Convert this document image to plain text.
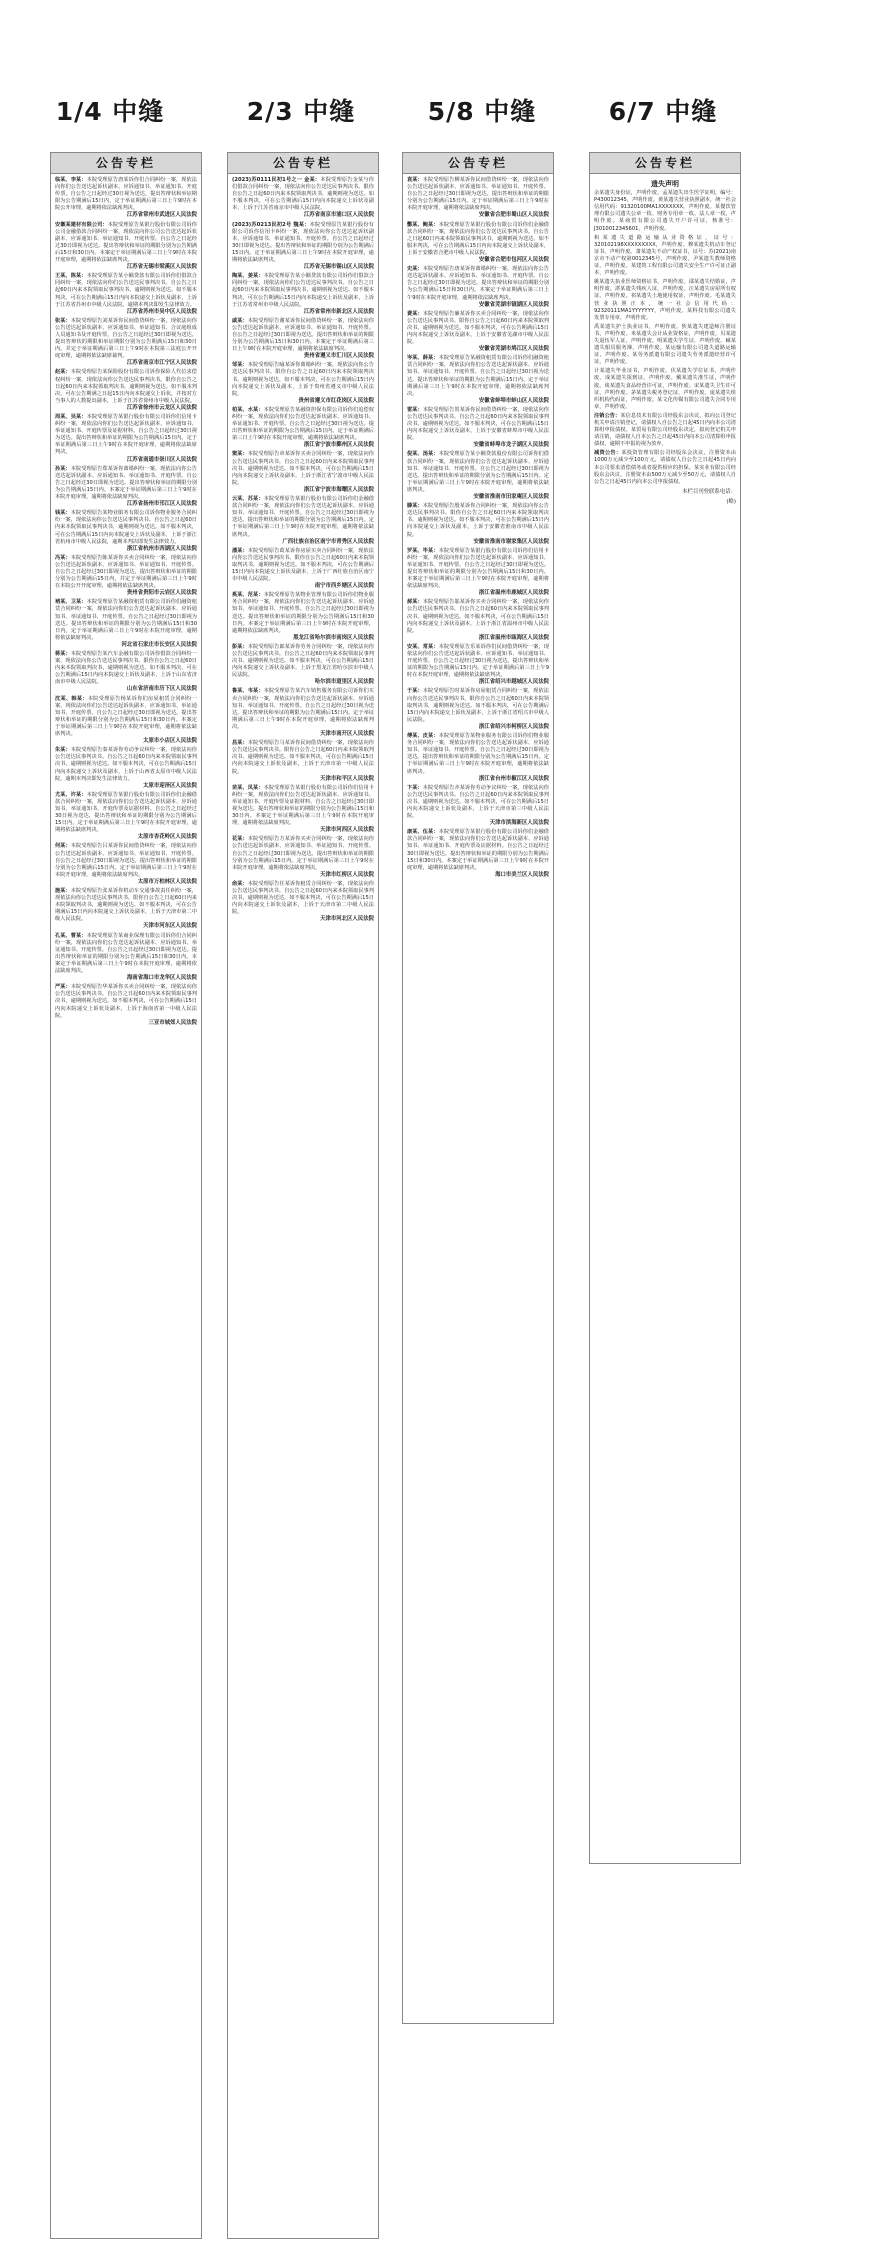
1/4 中缝	2/3 中缝	5/8 中缝	6/7 中缝
公告专栏
临某、李某：本院受理原告唐某诉你们合同纠纷一案，现依法向你们公告送达起诉状副本、应诉通知书、举证通知书、开庭传票，自公告之日起经过30日视为送达，提出答辩状和举证期限为公告期满后15日内，定于举证期满后第三日上午9时在本院公开审理，逾期将依法缺席判决。
江苏省常州市武进区人民法院
安徽某建材有限公司：本院受理原告某银行股份有限公司诉你公司金融借款合同纠纷一案，现依法向你公司公告送达起诉状副本、应诉通知书、举证通知书、开庭传票。自公告之日起经过30日即视为送达。提出答辩状和举证的期限分别为公告期满后15日和30日内。本案定于举证期满后第三日上午9时在本院开庭审理，逾期将依法缺席判决。
江苏省无锡市梁溪区人民法院
王某、陈某：本院受理原告某小额贷款有限公司诉你们借款合同纠纷一案，现依法向你们公告送达民事判决书。自公告之日起60日内来本院领取民事判决书，逾期则视为送达。如不服本判决，可在公告期满后15日内向本院递交上诉状及副本，上诉于江苏省苏州市中级人民法院。逾期本判决即发生法律效力。
江苏省苏州市吴中区人民法院
张某：本院受理原告刘某诉你民间借贷纠纷一案，现依法向你公告送达起诉状副本、应诉通知书、举证通知书、合议庭组成人员通知书及开庭传票。自公告之日起经过30日即视为送达。提出答辩状的期限和举证期限分别为公告期满后15日和30日内。并定于举证期满后第三日上午9时在本院第三法庭公开开庭审理，逾期将依法缺席裁判。
江苏省南京市江宁区人民法院
赵某：本院受理原告某保险股份有限公司诉你保险人代位求偿权纠纷一案，现依法向你公告送达民事判决书。限你自公告之日起60日内来本院领取判决书，逾期则视为送达。如不服本判决，可在公告期满之日起15日内向本院递交上诉状，并按对方当事人的人数提出副本，上诉于江苏省徐州市中级人民法院。
江苏省徐州市云龙区人民法院
周某、吴某：本院受理原告某银行股份有限公司诉你们信用卡纠纷一案，现依法向你们公告送达起诉状副本、应诉通知书、举证通知书、开庭传票及证据材料。自公告之日起经过30日视为送达。提出答辩状和举证的期限为公告期满后15日内。定于举证期满后第三日上午9时在本院开庭审理，逾期将依法缺席判决。
江苏省南通市崇川区人民法院
孙某：本院受理原告郑某诉你离婚纠纷一案，现依法向你公告送达起诉状副本、应诉通知书、举证通知书、开庭传票。自公告之日起经过30日即视为送达。提出答辩状和举证的期限分别为公告期满后15日内。本案定于举证期满后第三日上午9时在本院开庭审理，逾期将依法缺席判决。
江苏省扬州市邗江区人民法院
钱某：本院受理原告某物业服务有限公司诉你物业服务合同纠纷一案，现依法向你公告送达民事判决书。自公告之日起60日内来本院领取民事判决书，逾期则视为送达。如不服本判决，可在公告期满后15日内向本院递交上诉状及副本，上诉于浙江省杭州市中级人民法院，逾期本判决即发生法律效力。
浙江省杭州市西湖区人民法院
冯某：本院受理原告陈某诉你买卖合同纠纷一案，现依法向你公告送达起诉状副本、应诉通知书、举证通知书、开庭传票。自公告之日起经过30日即视为送达，提出答辩状和举证的期限分别为公告期满后15日内，并定于举证期满后第三日上午9时在本院公开开庭审理，逾期将依法缺席判决。
贵州省贵阳市云岩区人民法院
褚某、卫某：本院受理原告某融资租赁有限公司诉你们融资租赁合同纠纷一案，现依法向你们公告送达起诉状副本、应诉通知书、举证通知书、开庭传票。自公告之日起经过30日即视为送达。提出答辩状和举证的期限分别为公告期满后15日和30日内，定于举证期满后第三日上午9时在本院开庭审理，逾期将依法缺席判决。
河北省石家庄市长安区人民法院
蒋某：本院受理原告某汽车金融有限公司诉你借款合同纠纷一案，现依法向你公告送达民事判决书。限你自公告之日起60日内来本院领取判决书，逾期则视为送达。如不服本判决，可在公告期满后15日内向本院递交上诉状及副本，上诉于山东省济南市中级人民法院。
山东省济南市历下区人民法院
沈某、韩某：本院受理原告杨某诉你们房屋租赁合同纠纷一案，现依法向你们公告送达起诉状副本、应诉通知书、举证通知书、开庭传票。自公告之日起经过30日即视为送达。提出答辩状和举证的期限分别为公告期满后15日和30日内。本案定于举证期满后第三日上午9时在本院开庭审理，逾期将依法缺席判决。
太原市小店区人民法院
朱某：本院受理原告秦某诉你劳动争议纠纷一案，现依法向你公告送达民事判决书。自公告之日起60日内来本院领取民事判决书，逾期则视为送达。如不服本判决，可在公告期满后15日内向本院递交上诉状及副本，上诉于山西省太原市中级人民法院。逾期本判决即发生法律效力。
太原市迎泽区人民法院
尤某、许某：本院受理原告某银行股份有限公司诉你们金融借款合同纠纷一案，现依法向你们公告送达起诉状副本、应诉通知书、举证通知书、开庭传票及证据材料。自公告之日起经过30日视为送达，提出答辩状和举证的期限分别为公告期满后15日内，定于举证期满后第三日上午9时在本院开庭审理，逾期将依法缺席判决。
太原市杏花岭区人民法院
何某：本院受理原告吕某诉你民间借贷纠纷一案，现依法向你公告送达起诉状副本、应诉通知书、举证通知书、开庭传票。自公告之日起经过30日即视为送达。提出答辩状和举证的期限分别为公告期满后15日内。定于举证期满后第三日上午9时在本院开庭审理，逾期将依法缺席判决。
太原市万柏林区人民法院
施某：本院受理原告张某诉你机动车交通事故责任纠纷一案，现依法向你公告送达民事判决书。限你自公告之日起60日内来本院领取判决书，逾期则视为送达。如不服本判决，可在公告期满后15日内向本院递交上诉状及副本，上诉于天津市第二中级人民法院。
天津市河东区人民法院
孔某、曹某：本院受理原告某商业保理有限公司诉你们合同纠纷一案，现依法向你们公告送达起诉状副本、应诉通知书、举证通知书、开庭传票。自公告之日起经过30日即视为送达。提出答辩状和举证的期限分别为公告期满后15日和30日内。本案定于举证期满后第三日上午9时在本院开庭审理，逾期将依法缺席判决。
海南省海口市龙华区人民法院
严某：本院受理原告华某诉你买卖合同纠纷一案，现依法向你公告送达民事判决书。自公告之日起60日内来本院领取民事判决书，逾期则视为送达。如不服本判决，可在公告期满后15日内向本院递交上诉状及副本，上诉于海南省第一中级人民法院。
三亚市城郊人民法院
公告专栏
(2023)苏0111民初1号之一 金某：本院受理原告金某与你们借款合同纠纷一案，现依法向你公告送达民事判决书。限你自公告之日起60日内来本院领取判决书，逾期则视为送达。如不服本判决，可在公告期满后15日内向本院递交上诉状及副本，上诉于江苏省南京市中级人民法院。
江苏省南京市浦口区人民法院
(2023)苏0213民初2号 魏某：本院受理原告某银行股份有限公司诉你信用卡纠纷一案，现依法向你公告送达起诉状副本、应诉通知书、举证通知书、开庭传票。自公告之日起经过30日即视为送达。提出答辩状和举证的期限分别为公告期满后15日内。定于举证期满后第三日上午9时在本院开庭审理，逾期将依法缺席判决。
江苏省无锡市锡山区人民法院
陶某、姜某：本院受理原告某小额贷款有限公司诉你们借款合同纠纷一案，现依法向你们公告送达民事判决书。自公告之日起60日内来本院领取民事判决书，逾期则视为送达。如不服本判决，可在公告期满后15日内向本院递交上诉状及副本，上诉于江苏省常州市中级人民法院。
江苏省常州市新北区人民法院
戚某：本院受理原告谢某诉你民间借贷纠纷一案，现依法向你公告送达起诉状副本、应诉通知书、举证通知书、开庭传票。自公告之日起经过30日即视为送达。提出答辩状和举证的期限分别为公告期满后15日和30日内。本案定于举证期满后第三日上午9时在本院开庭审理，逾期将依法缺席判决。
贵州省遵义市汇川区人民法院
邹某：本院受理原告喻某诉你离婚纠纷一案，现依法向你公告送达民事判决书。限你自公告之日起60日内来本院领取判决书，逾期则视为送达。如不服本判决，可在公告期满后15日内向本院递交上诉状及副本，上诉于贵州省遵义市中级人民法院。
贵州省遵义市红花岗区人民法院
柏某、水某：本院受理原告某融资担保有限公司诉你们追偿权纠纷一案，现依法向你们公告送达起诉状副本、应诉通知书、举证通知书、开庭传票。自公告之日起经过30日视为送达。提出答辩状和举证的期限为公告期满后15日内。定于举证期满后第三日上午9时在本院开庭审理，逾期将依法缺席判决。
浙江省宁波市鄞州区人民法院
窦某：本院受理原告章某诉你买卖合同纠纷一案，现依法向你公告送达民事判决书。自公告之日起60日内来本院领取民事判决书，逾期则视为送达。如不服本判决，可在公告期满后15日内向本院递交上诉状及副本，上诉于浙江省宁波市中级人民法院。
浙江省宁波市海曙区人民法院
云某、苏某：本院受理原告某银行股份有限公司诉你们金融借款合同纠纷一案，现依法向你们公告送达起诉状副本、应诉通知书、举证通知书、开庭传票。自公告之日起经过30日即视为送达。提出答辩状和举证的期限分别为公告期满后15日内。定于举证期满后第三日上午9时在本院开庭审理，逾期将依法缺席判决。
广西壮族自治区南宁市青秀区人民法院
潘某：本院受理原告葛某诉你房屋买卖合同纠纷一案，现依法向你公告送达民事判决书。限你自公告之日起60日内来本院领取判决书，逾期则视为送达。如不服本判决，可在公告期满后15日内向本院递交上诉状及副本，上诉于广西壮族自治区南宁市中级人民法院。
南宁市西乡塘区人民法院
奚某、范某：本院受理原告某物业管理有限公司诉你们物业服务合同纠纷一案，现依法向你们公告送达起诉状副本、应诉通知书、举证通知书、开庭传票。自公告之日起经过30日即视为送达。提出答辩状和举证的期限分别为公告期满后15日和30日内。本案定于举证期满后第三日上午9时在本院开庭审理，逾期将依法缺席判决。
黑龙江省哈尔滨市南岗区人民法院
彭某：本院受理原告郎某诉你劳务合同纠纷一案，现依法向你公告送达民事判决书。自公告之日起60日内来本院领取民事判决书，逾期则视为送达。如不服本判决，可在公告期满后15日内向本院递交上诉状及副本，上诉于黑龙江省哈尔滨市中级人民法院。
哈尔滨市道里区人民法院
鲁某、韦某：本院受理原告某汽车销售服务有限公司诉你们买卖合同纠纷一案，现依法向你们公告送达起诉状副本、应诉通知书、举证通知书、开庭传票。自公告之日起经过30日视为送达。提出答辩状和举证的期限为公告期满后15日内。定于举证期满后第三日上午9时在本院开庭审理，逾期将依法缺席判决。
天津市南开区人民法院
昌某：本院受理原告马某诉你民间借贷纠纷一案，现依法向你公告送达民事判决书。限你自公告之日起60日内来本院领取判决书，逾期则视为送达。如不服本判决，可在公告期满后15日内向本院递交上诉状及副本，上诉于天津市第一中级人民法院。
天津市和平区人民法院
苗某、凤某：本院受理原告某银行股份有限公司诉你们信用卡纠纷一案，现依法向你们公告送达起诉状副本、应诉通知书、举证通知书、开庭传票及证据材料。自公告之日起经过30日即视为送达。提出答辩状和举证的期限分别为公告期满后15日和30日内。本案定于举证期满后第三日上午9时在本院开庭审理，逾期将依法缺席判决。
天津市河西区人民法院
花某：本院受理原告方某诉你买卖合同纠纷一案，现依法向你公告送达起诉状副本、应诉通知书、举证通知书、开庭传票。自公告之日起经过30日即视为送达。提出答辩状和举证的期限分别为公告期满后15日内。定于举证期满后第三日上午9时在本院开庭审理，逾期将依法缺席判决。
天津市红桥区人民法院
俞某：本院受理原告任某诉你租赁合同纠纷一案，现依法向你公告送达民事判决书。自公告之日起60日内来本院领取民事判决书，逾期则视为送达。如不服本判决，可在公告期满后15日内向本院递交上诉状及副本，上诉于天津市第二中级人民法院。
天津市河北区人民法院
公告专栏
袁某：本院受理原告柳某诉你民间借贷纠纷一案，现依法向你公告送达起诉状副本、应诉通知书、举证通知书、开庭传票。自公告之日起经过30日即视为送达。提出答辩状和举证的期限分别为公告期满后15日内。定于举证期满后第三日上午9时在本院开庭审理，逾期将依法缺席判决。
安徽省合肥市蜀山区人民法院
酆某、鲍某：本院受理原告某银行股份有限公司诉你们金融借款合同纠纷一案，现依法向你们公告送达民事判决书。自公告之日起60日内来本院领取民事判决书，逾期则视为送达。如不服本判决，可在公告期满后15日内向本院递交上诉状及副本，上诉于安徽省合肥市中级人民法院。
安徽省合肥市包河区人民法院
史某：本院受理原告唐某诉你离婚纠纷一案，现依法向你公告送达起诉状副本、应诉通知书、举证通知书、开庭传票。自公告之日起经过30日即视为送达。提出答辩状和举证的期限分别为公告期满后15日和30日内。本案定于举证期满后第三日上午9时在本院开庭审理，逾期将依法缺席判决。
安徽省芜湖市镜湖区人民法院
费某：本院受理原告廉某诉你买卖合同纠纷一案，现依法向你公告送达民事判决书。限你自公告之日起60日内来本院领取判决书，逾期则视为送达。如不服本判决，可在公告期满后15日内向本院递交上诉状及副本，上诉于安徽省芜湖市中级人民法院。
安徽省芜湖市鸠江区人民法院
岑某、薛某：本院受理原告某融资租赁有限公司诉你们融资租赁合同纠纷一案，现依法向你们公告送达起诉状副本、应诉通知书、举证通知书、开庭传票。自公告之日起经过30日视为送达。提出答辩状和举证的期限为公告期满后15日内。定于举证期满后第三日上午9时在本院开庭审理，逾期将依法缺席判决。
安徽省蚌埠市蚌山区人民法院
雷某：本院受理原告贺某诉你民间借贷纠纷一案，现依法向你公告送达民事判决书。自公告之日起60日内来本院领取民事判决书，逾期则视为送达。如不服本判决，可在公告期满后15日内向本院递交上诉状及副本，上诉于安徽省蚌埠市中级人民法院。
安徽省蚌埠市龙子湖区人民法院
倪某、汤某：本院受理原告某小额贷款股份有限公司诉你们借款合同纠纷一案，现依法向你们公告送达起诉状副本、应诉通知书、举证通知书、开庭传票。自公告之日起经过30日即视为送达。提出答辩状和举证的期限分别为公告期满后15日内。定于举证期满后第三日上午9时在本院开庭审理，逾期将依法缺席判决。
安徽省淮南市田家庵区人民法院
滕某：本院受理原告殷某诉你合同纠纷一案，现依法向你公告送达民事判决书。限你自公告之日起60日内来本院领取判决书，逾期则视为送达。如不服本判决，可在公告期满后15日内向本院递交上诉状及副本，上诉于安徽省淮南市中级人民法院。
安徽省淮南市谢家集区人民法院
罗某、毕某：本院受理原告某银行股份有限公司诉你们信用卡纠纷一案，现依法向你们公告送达起诉状副本、应诉通知书、举证通知书、开庭传票。自公告之日起经过30日即视为送达。提出答辩状和举证的期限分别为公告期满后15日和30日内。本案定于举证期满后第三日上午9时在本院开庭审理，逾期将依法缺席判决。
浙江省温州市鹿城区人民法院
郝某：本院受理原告邬某诉你买卖合同纠纷一案，现依法向你公告送达民事判决书。自公告之日起60日内来本院领取民事判决书，逾期则视为送达。如不服本判决，可在公告期满后15日内向本院递交上诉状及副本，上诉于浙江省温州市中级人民法院。
浙江省温州市瓯海区人民法院
安某、常某：本院受理原告乐某诉你们民间借贷纠纷一案，现依法向你们公告送达起诉状副本、应诉通知书、举证通知书、开庭传票。自公告之日起经过30日视为送达。提出答辩状和举证的期限为公告期满后15日内。定于举证期满后第三日上午9时在本院开庭审理，逾期将依法缺席判决。
浙江省绍兴市越城区人民法院
于某：本院受理原告时某诉你房屋租赁合同纠纷一案，现依法向你公告送达民事判决书。限你自公告之日起60日内来本院领取判决书，逾期则视为送达。如不服本判决，可在公告期满后15日内向本院递交上诉状及副本，上诉于浙江省绍兴市中级人民法院。
浙江省绍兴市柯桥区人民法院
傅某、皮某：本院受理原告某物业服务有限公司诉你们物业服务合同纠纷一案，现依法向你们公告送达起诉状副本、应诉通知书、举证通知书、开庭传票。自公告之日起经过30日即视为送达。提出答辩状和举证的期限分别为公告期满后15日内。定于举证期满后第三日上午9时在本院开庭审理，逾期将依法缺席判决。
浙江省台州市椒江区人民法院
卞某：本院受理原告齐某诉你劳动争议纠纷一案，现依法向你公告送达民事判决书。自公告之日起60日内来本院领取民事判决书，逾期则视为送达。如不服本判决，可在公告期满后15日内向本院递交上诉状及副本，上诉于天津市第三中级人民法院。
天津市滨海新区人民法院
康某、伍某：本院受理原告某银行股份有限公司诉你们金融借款合同纠纷一案，现依法向你们公告送达起诉状副本、应诉通知书、举证通知书、开庭传票及证据材料。自公告之日起经过30日即视为送达。提出答辩状和举证的期限分别为公告期满后15日和30日内。本案定于举证期满后第三日上午9时在本院开庭审理，逾期将依法缺席判决。
海口市美兰区人民法院
公告专栏
遗失声明
余某遗失身份证，声明作废。孟某遗失出生医学证明，编号：P430012345，声明作废。黄某遗失营业执照副本，统一社会信用代码：91320100MA1XXXXXXX，声明作废。某餐饮管理有限公司遗失公章一枚、财务专用章一枚、法人章一枚，声明作废。某商贸有限公司遗失开户许可证，核准号：J3010012345601，声明作废。
和某遗失道路运输从业资格证，证号：320102198XXXXXXXXX，声明作废。穆某遗失机动车登记证书，声明作废。萧某遗失不动产权证书，证号：苏(2021)南京市不动产权第0012345号，声明作废。尹某遗失教师资格证，声明作废。某建筑工程有限公司遗失安全生产许可证正副本，声明作废。
姚某遗失执业医师资格证书，声明作废。邵某遗失结婚证，声明作废。湛某遗失残疾人证，声明作废。汪某遗失房屋所有权证，声明作废。祁某遗失土地使用权证，声明作废。毛某遗失营业执照正本，统一社会信用代码：92320111MA1YYYYYYY，声明作废。某科技有限公司遗失发票专用章，声明作废。
禹某遗失护士执业证书，声明作废。狄某遗失建造师注册证书，声明作废。米某遗失会计从业资格证，声明作废。贝某遗失退伍军人证，声明作废。明某遗失学生证，声明作废。臧某遗失船员服务簿，声明作废。某运输有限公司遗失道路运输证，声明作废。某劳务派遣有限公司遗失劳务派遣经营许可证，声明作废。
计某遗失毕业证书，声明作废。伏某遗失学位证书，声明作废。成某遗失报到证，声明作废。戴某遗失准生证，声明作废。谈某遗失食品经营许可证，声明作废。宋某遗失卫生许可证，声明作废。茅某遗失税务登记证，声明作废。庞某遗失组织机构代码证，声明作废。某文化传媒有限公司遗失合同专用章，声明作废。
注销公告：某信息技术有限公司经股东会决议，拟向公司登记机关申请注销登记，请债权人自公告之日起45日内向本公司清算组申报债权。某贸易有限公司经股东决定，拟向登记机关申请注销，请债权人自本公告之日起45日内向本公司清算组申报债权，逾期不申报的视为放弃。
减资公告：某投资管理有限公司经股东会决议，注册资本由1000万元减少至100万元，请债权人自公告之日起45日内向本公司要求清偿债务或者提供相应的担保。某实业有限公司经股东会决议，注册资本由500万元减少至50万元，请债权人自公告之日起45日内向本公司申报债权。
本栏目刊登联系电话：
(略)
